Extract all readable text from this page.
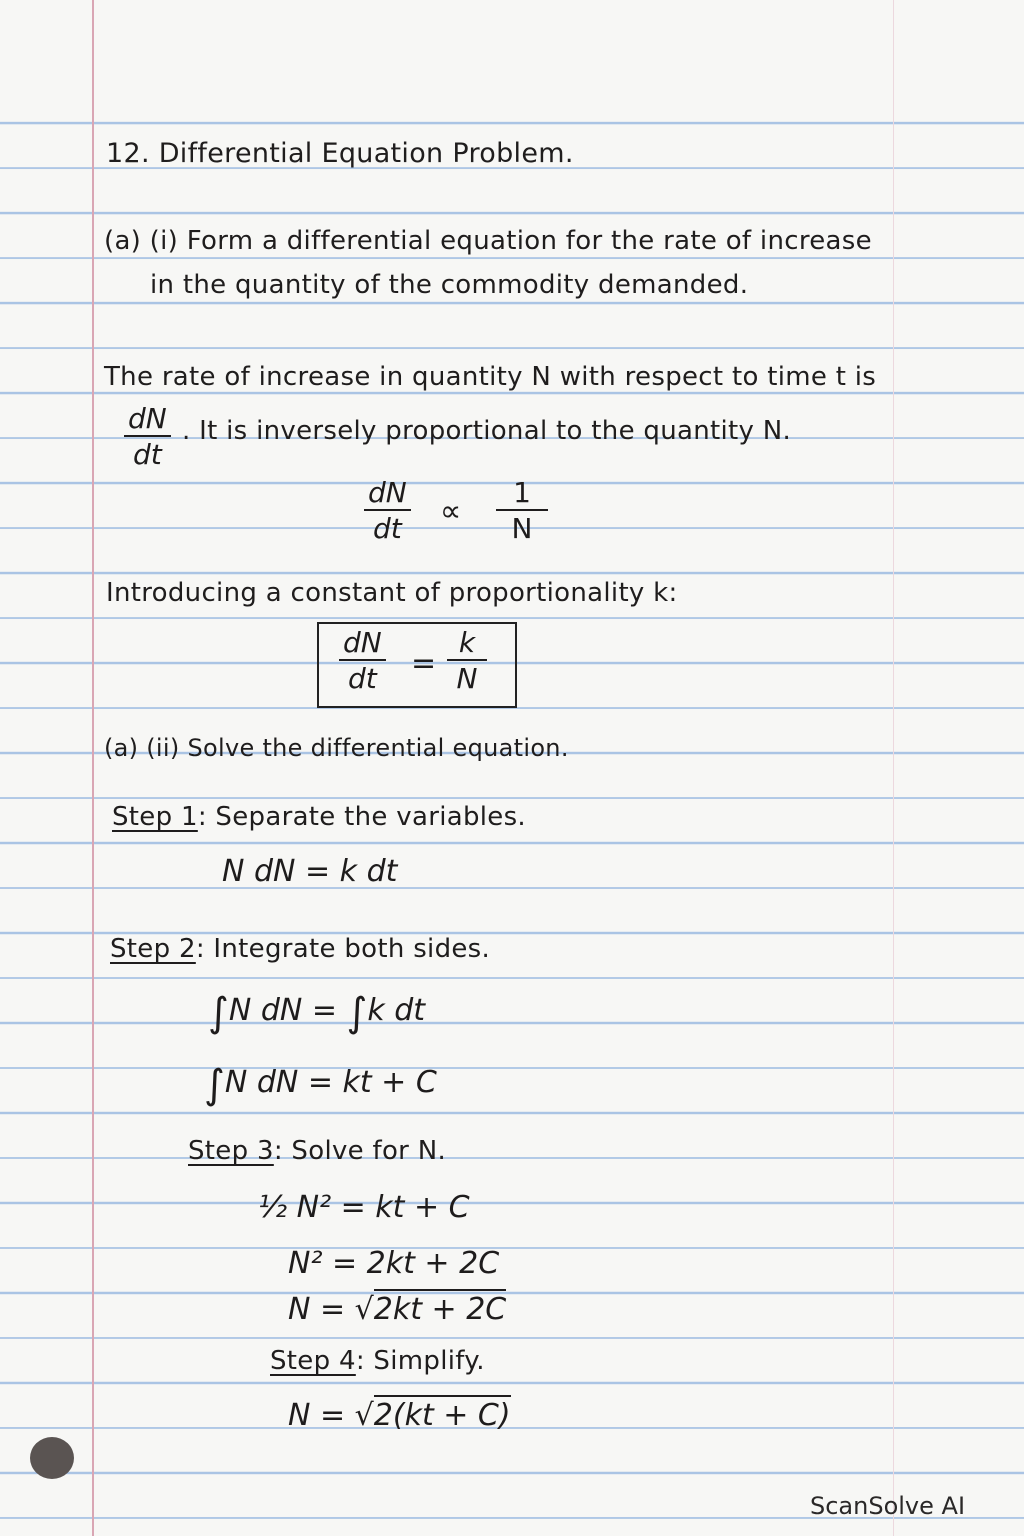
12. Differential Equation Problem.
(a) (i) Form a differential equation for the rate of increase
in the quantity of the commodity demanded.
The rate of increase in quantity N with respect to time t is
dN
dt
. It is inversely proportional to the quantity N.
dN
dt ∝
1
N
Introducing a constant of proportionality k:
dN
dt =
k
N
(a) (ii) Solve the differential equation.
Step 1: Separate the variables.
N dN = k dt
Step 2: Integrate both sides.
∫N dN = ∫k dt
∫N dN = kt + C
Step 3: Solve for N.
½ N² = kt + C
N² = 2kt + 2C
N = √2kt + 2C
Step 4: Simplify.
N = √2(kt + C)
ScanSolve AI
